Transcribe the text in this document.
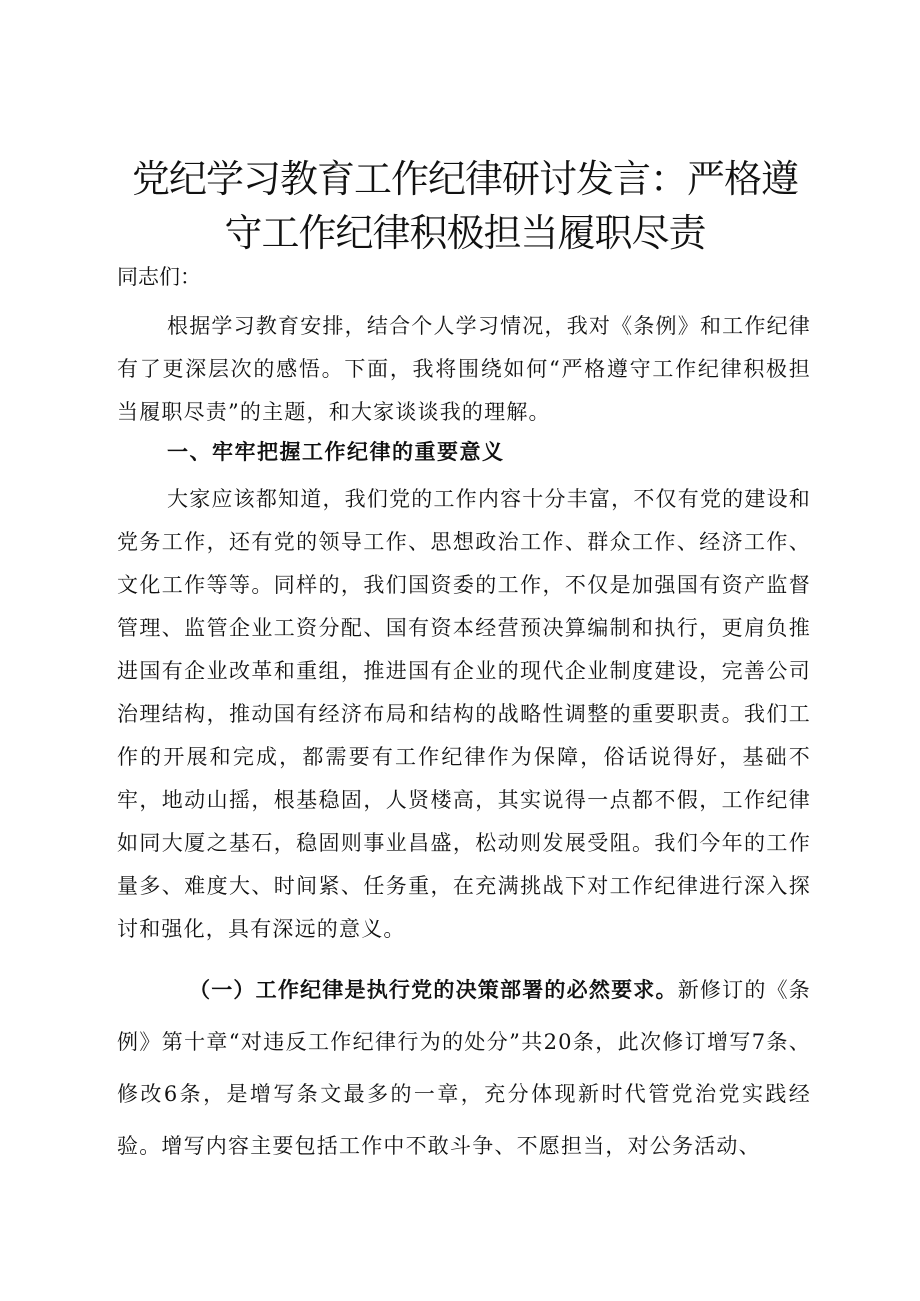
党纪学习教育工作纪律研讨发言：严格遵守工作纪律积极担当履职尽责

同志们：

根据学习教育安排，结合个人学习情况，我对《条例》和工作纪律有了更深层次的感悟。下面，我将围绕如何“严格遵守工作纪律积极担当履职尽责”的主题，和大家谈谈我的理解。

一、牢牢把握工作纪律的重要意义

大家应该都知道，我们党的工作内容十分丰富，不仅有党的建设和党务工作，还有党的领导工作、思想政治工作、群众工作、经济工作、文化工作等等。同样的，我们国资委的工作，不仅是加强国有资产监督管理、监管企业工资分配、国有资本经营预决算编制和执行，更肩负推进国有企业改革和重组，推进国有企业的现代企业制度建设，完善公司治理结构，推动国有经济布局和结构的战略性调整的重要职责。我们工作的开展和完成，都需要有工作纪律作为保障，俗话说得好，基础不牢，地动山摇，根基稳固，人贤楼高，其实说得一点都不假，工作纪律如同大厦之基石，稳固则事业昌盛，松动则发展受阻。我们今年的工作量多、难度大、时间紧、任务重，在充满挑战下对工作纪律进行深入探讨和强化，具有深远的意义。

（一）工作纪律是执行党的决策部署的必然要求。新修订的《条例》第十章“对违反工作纪律行为的处分”共20条，此次修订增写7条、修改6条，是增写条文最多的一章，充分体现新时代管党治党实践经验。增写内容主要包括工作中不敢斗争、不愿担当，对公务活动、
